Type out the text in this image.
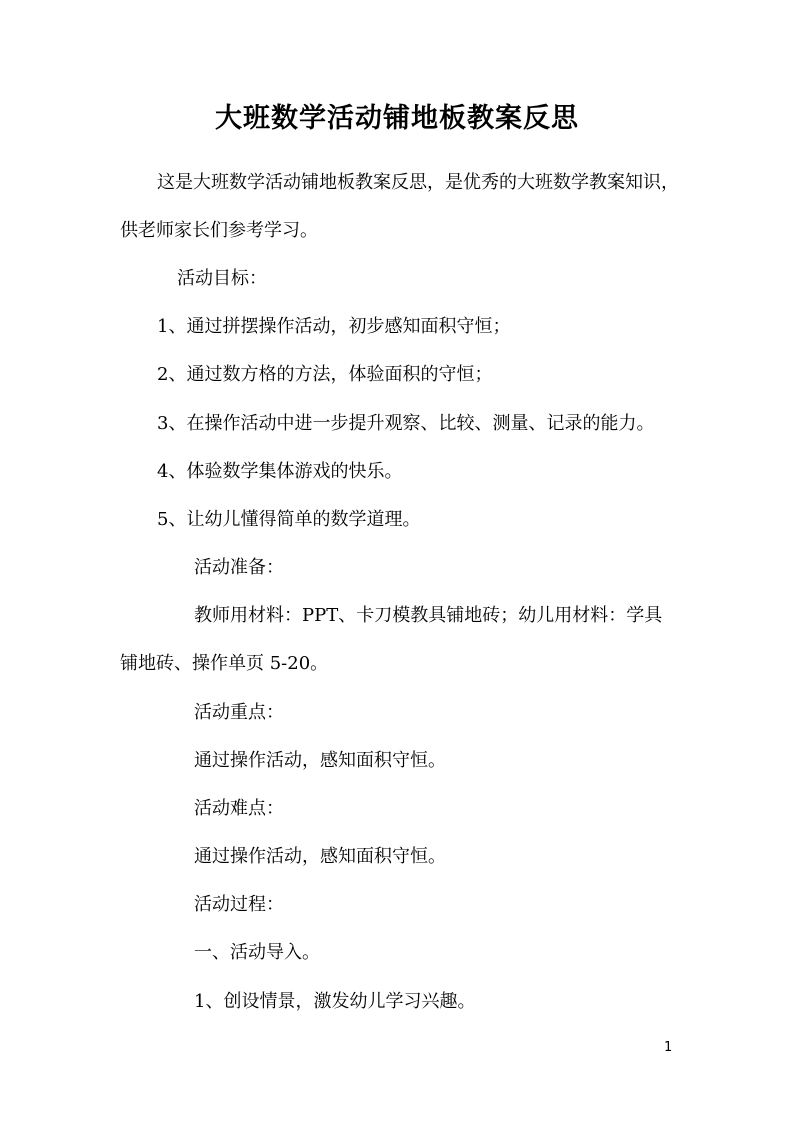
大班数学活动铺地板教案反思
这是大班数学活动铺地板教案反思，是优秀的大班数学教案知识，
供老师家长们参考学习。
活动目标：
1、通过拼摆操作活动，初步感知面积守恒；
2、通过数方格的方法，体验面积的守恒；
3、在操作活动中进一步提升观察、比较、测量、记录的能力。
4、体验数学集体游戏的快乐。
5、让幼儿懂得简单的数学道理。
活动准备：
教师用材料：PPT、卡刀模教具铺地砖；幼儿用材料：学具
铺地砖、操作单页 5-20。
活动重点：
通过操作活动，感知面积守恒。
活动难点：
通过操作活动，感知面积守恒。
活动过程：
一、活动导入。
1、创设情景，激发幼儿学习兴趣。
1
